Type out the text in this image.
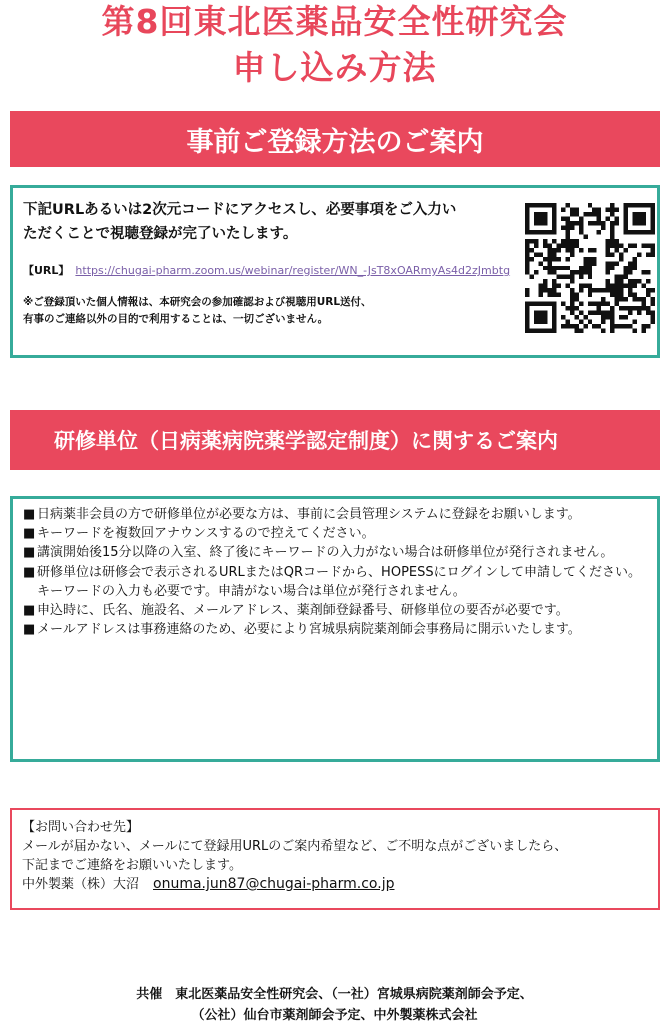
第8回東北医薬品安全性研究会
申し込み方法
事前ご登録方法のご案内
下記URLあるいは2次元コードにアクセスし、必要事項をご入力いただくことで視聴登録が完了いたします。
【URL】 https://chugai-pharm.zoom.us/webinar/register/WN_-JsT8xOARmyAs4d2zJmbtg
※ご登録頂いた個人情報は、本研究会の参加確認および視聴用URL送付、
有事のご連絡以外の目的で利用することは、一切ございません。
研修単位（日病薬病院薬学認定制度）に関するご案内
■ 日病薬非会員の方で研修単位が必要な方は、事前に会員管理システムに登録をお願いします。
■ キーワードを複数回アナウンスするので控えてください。
■ 講演開始後15分以降の入室、終了後にキーワードの入力がない場合は研修単位が発行されません。
■ 研修単位は研修会で表示されるURLまたはQRコードから、HOPESSにログインして申請してください。キーワードの入力も必要です。申請がない場合は単位が発行されません。
■ 申込時に、氏名、施設名、メールアドレス、薬剤師登録番号、研修単位の要否が必要です。
■ メールアドレスは事務連絡のため、必要により宮城県病院薬剤師会事務局に開示いたします。
【お問い合わせ先】
メールが届かない、メールにて登録用URLのご案内希望など、ご不明な点がございましたら、
下記までご連絡をお願いいたします。
中外製薬（株）大沼 onuma.jun87@chugai-pharm.co.jp
共催　東北医薬品安全性研究会、（一社）宮城県病院薬剤師会予定、
（公社）仙台市薬剤師会予定、中外製薬株式会社
